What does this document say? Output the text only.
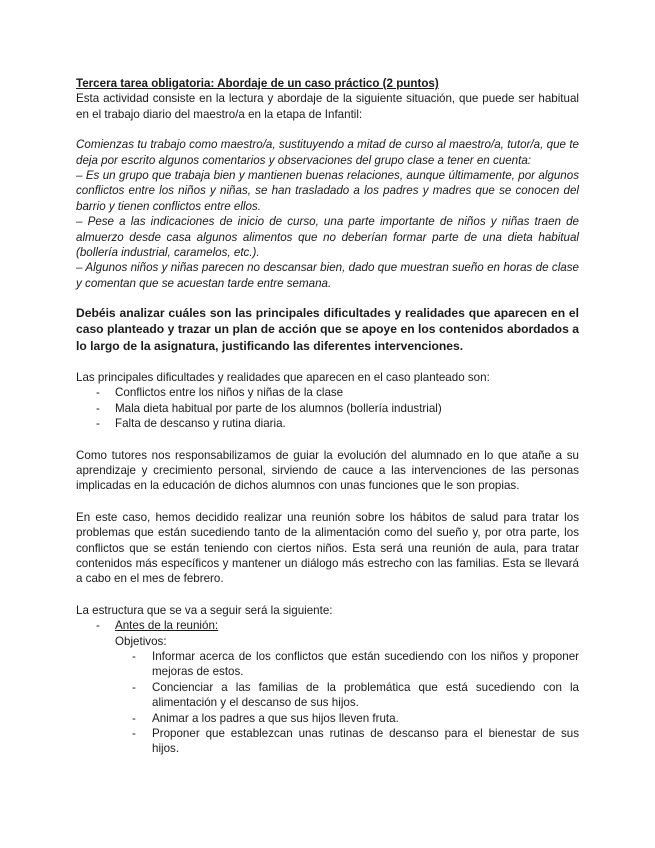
Tercera tarea obligatoria: Abordaje de un caso práctico (2 puntos)

Esta actividad consiste en la lectura y abordaje de la siguiente situación, que puede ser habitual en el trabajo diario del maestro/a en la etapa de Infantil:

Comienzas tu trabajo como maestro/a, sustituyendo a mitad de curso al maestro/a, tutor/a, que te deja por escrito algunos comentarios y observaciones del grupo clase a tener en cuenta:

– Es un grupo que trabaja bien y mantienen buenas relaciones, aunque últimamente, por algunos conflictos entre los niños y niñas, se han trasladado a los padres y madres que se conocen del barrio y tienen conflictos entre ellos.

– Pese a las indicaciones de inicio de curso, una parte importante de niños y niñas traen de almuerzo desde casa algunos alimentos que no deberían formar parte de una dieta habitual (bollería industrial, caramelos, etc.).

– Algunos niños y niñas parecen no descansar bien, dado que muestran sueño en horas de clase y comentan que se acuestan tarde entre semana.

Debéis analizar cuáles son las principales dificultades y realidades que aparecen en el caso planteado y trazar un plan de acción que se apoye en los contenidos abordados a lo largo de la asignatura, justificando las diferentes intervenciones.

Las principales dificultades y realidades que aparecen en el caso planteado son:

- Conflictos entre los niños y niñas de la clase
- Mala dieta habitual por parte de los alumnos (bollería industrial)
- Falta de descanso y rutina diaria.

Como tutores nos responsabilizamos de guiar la evolución del alumnado en lo que atañe a su aprendizaje y crecimiento personal, sirviendo de cauce a las intervenciones de las personas implicadas en la educación de dichos alumnos con unas funciones que le son propias.

En este caso, hemos decidido realizar una reunión sobre los hábitos de salud para tratar los problemas que están sucediendo tanto de la alimentación como del sueño y, por otra parte, los conflictos que se están teniendo con ciertos niños. Esta será una reunión de aula, para tratar contenidos más específicos y mantener un diálogo más estrecho con las familias. Esta se llevará a cabo en el mes de febrero.

La estructura que se va a seguir será la siguiente:

- Antes de la reunión:

Objetivos:

- Informar acerca de los conflictos que están sucediendo con los niños y proponer mejoras de estos.
- Concienciar a las familias de la problemática que está sucediendo con la alimentación y el descanso de sus hijos.
- Animar a los padres a que sus hijos lleven fruta.
- Proponer que establezcan unas rutinas de descanso para el bienestar de sus hijos.
